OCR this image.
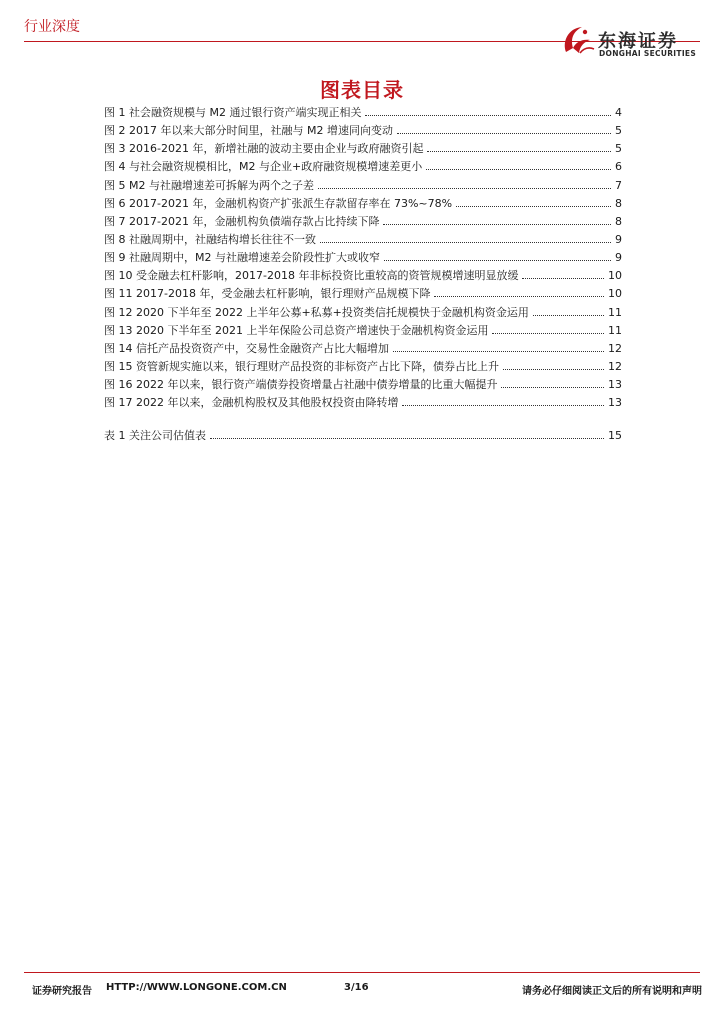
行业深度
东海证券
DONGHAI SECURITIES
图表目录
图 1 社会融资规模与 M2 通过银行资产端实现正相关	4
图 2 2017 年以来大部分时间里，社融与 M2 增速同向变动	5
图 3 2016-2021 年，新增社融的波动主要由企业与政府融资引起	5
图 4 与社会融资规模相比，M2 与企业+政府融资规模增速差更小	6
图 5 M2 与社融增速差可拆解为两个之子差	7
图 6 2017-2021 年，金融机构资产扩张派生存款留存率在 73%~78%	8
图 7 2017-2021 年，金融机构负债端存款占比持续下降	8
图 8 社融周期中，社融结构增长往往不一致	9
图 9 社融周期中，M2 与社融增速差会阶段性扩大或收窄	9
图 10 受金融去杠杆影响，2017-2018 年非标投资比重较高的资管规模增速明显放缓	10
图 11 2017-2018 年，受金融去杠杆影响，银行理财产品规模下降	10
图 12 2020 下半年至 2022 上半年公募+私募+投资类信托规模快于金融机构资金运用	11
图 13 2020 下半年至 2021 上半年保险公司总资产增速快于金融机构资金运用	11
图 14 信托产品投资资产中，交易性金融资产占比大幅增加	12
图 15 资管新规实施以来，银行理财产品投资的非标资产占比下降，债券占比上升	12
图 16 2022 年以来，银行资产端债券投资增量占社融中债券增量的比重大幅提升	13
图 17 2022 年以来，金融机构股权及其他股权投资由降转增	13
表 1 关注公司估值表	15
证券研究报告 HTTP://WWW.LONGONE.COM.CN	3/16	请务必仔细阅读正文后的所有说明和声明
